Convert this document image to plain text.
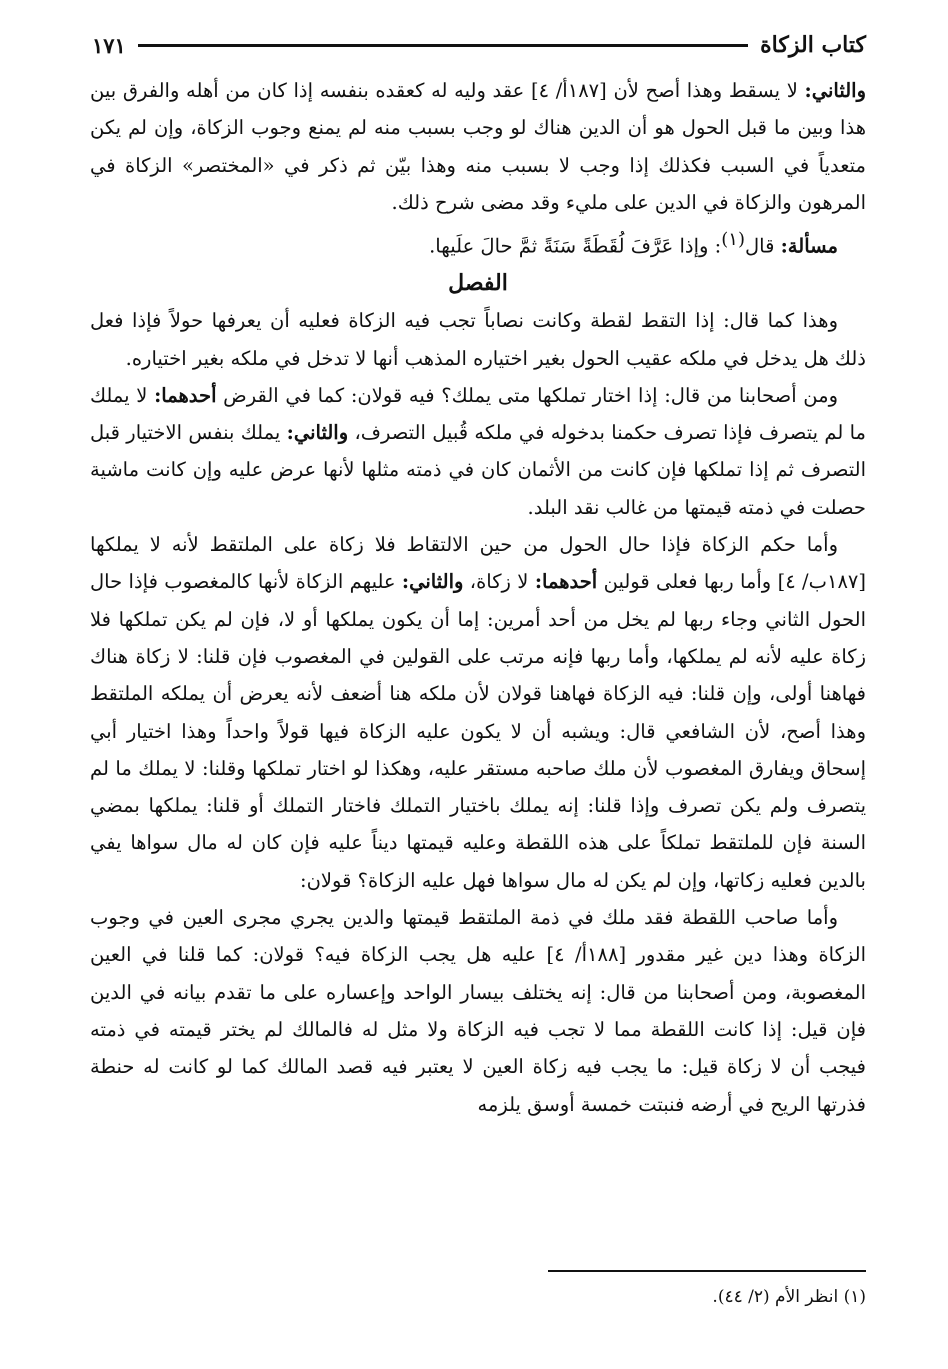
كتاب الزكاة
١٧١

والثاني: لا يسقط وهذا أصح لأن [١٨٧أ/ ٤] عقد وليه له كعقده بنفسه إذا كان من أهله والفرق بين هذا وبين ما قبل الحول هو أن الدين هناك لو وجب بسبب منه لم يمنع وجوب الزكاة، وإن لم يكن متعدياً في السبب فكذلك إذا وجب لا بسبب منه وهذا بيّن ثم ذكر في «المختصر» الزكاة في المرهون والزكاة في الدين على مليء وقد مضى شرح ذلك.

مسألة: قال$^{(١)}$: وإذا عَرَّفَ لُقَطَةً سَنَةً ثمَّ حالَ علَيها.

الفصل

وهذا كما قال: إذا التقط لقطة وكانت نصاباً تجب فيه الزكاة فعليه أن يعرفها حولاً فإذا فعل ذلك هل يدخل في ملكه عقيب الحول بغير اختياره المذهب أنها لا تدخل في ملكه بغير اختياره.

ومن أصحابنا من قال: إذا اختار تملكها متى يملك؟ فيه قولان: كما في القرض أحدهما: لا يملك ما لم يتصرف فإذا تصرف حكمنا بدخوله في ملكه قُبيل التصرف، والثاني: يملك بنفس الاختيار قبل التصرف ثم إذا تملكها فإن كانت من الأثمان كان في ذمته مثلها لأنها عرض عليه وإن كانت ماشية حصلت في ذمته قيمتها من غالب نقد البلد.

وأما حكم الزكاة فإذا حال الحول من حين الالتقاط فلا زكاة على الملتقط لأنه لا يملكها [١٨٧ب/ ٤] وأما ربها فعلى قولين أحدهما: لا زكاة، والثاني: عليهم الزكاة لأنها كالمغصوب فإذا حال الحول الثاني وجاء ربها لم يخل من أحد أمرين: إما أن يكون يملكها أو لا، فإن لم يكن تملكها فلا زكاة عليه لأنه لم يملكها، وأما ربها فإنه مرتب على القولين في المغصوب فإن قلنا: لا زكاة هناك فهاهنا أولى، وإن قلنا: فيه الزكاة فهاهنا قولان لأن ملكه هنا أضعف لأنه يعرض أن يملكه الملتقط وهذا أصح، لأن الشافعي قال: ويشبه أن لا يكون عليه الزكاة فيها قولاً واحداً وهذا اختيار أبي إسحاق ويفارق المغصوب لأن ملك صاحبه مستقر عليه، وهكذا لو اختار تملكها وقلنا: لا يملك ما لم يتصرف ولم يكن تصرف وإذا قلنا: إنه يملك باختيار التملك فاختار التملك أو قلنا: يملكها بمضي السنة فإن للملتقط تملكاً على هذه اللقطة وعليه قيمتها ديناً عليه فإن كان له مال سواها يفي بالدين فعليه زكاتها، وإن لم يكن له مال سواها فهل عليه الزكاة؟ قولان:

وأما صاحب اللقطة فقد ملك في ذمة الملتقط قيمتها والدين يجري مجرى العين في وجوب الزكاة وهذا دين غير مقدور [١٨٨أ/ ٤] عليه هل يجب الزكاة فيه؟ قولان: كما قلنا في العين المغصوبة، ومن أصحابنا من قال: إنه يختلف بيسار الواحد وإعساره على ما تقدم بيانه في الدين فإن قيل: إذا كانت اللقطة مما لا تجب فيه الزكاة ولا مثل له فالمالك لم يختر قيمته في ذمته فيجب أن لا زكاة قيل: ما يجب فيه زكاة العين لا يعتبر فيه قصد المالك كما لو كانت له حنطة فذرتها الريح في أرضه فنبتت خمسة أوسق يلزمه

(١) انظر الأم (٢/ ٤٤).
